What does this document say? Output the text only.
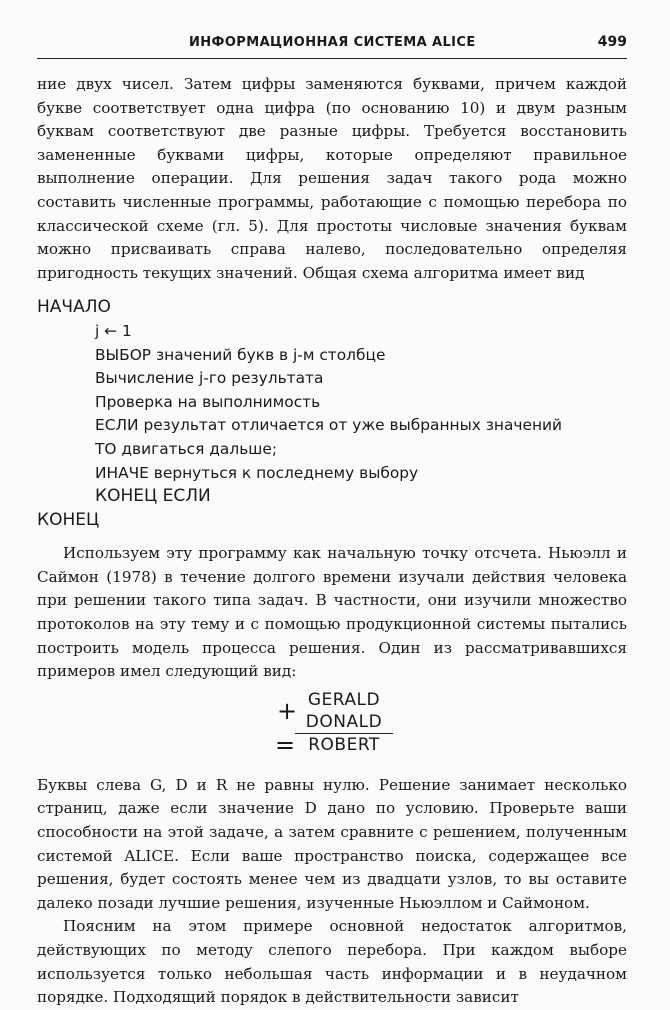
ИНФОРМАЦИОННАЯ СИСТЕМА ALICE	499

ние двух чисел. Затем цифры заменяются буквами, причем каждой букве соответствует одна цифра (по основанию 10) и двум разным буквам соответствуют две разные цифры. Требуется восстановить замененные буквами цифры, которые определяют правильное выполнение операции. Для решения задач такого рода можно составить численные программы, работающие с помощью перебора по классической схеме (гл. 5). Для простоты числовые значения буквам можно присваивать справа налево, последовательно определяя пригодность текущих значений. Общая схема алгоритма имеет вид

НАЧАЛО
j ← 1
ВЫБОР значений букв в j-м столбце
Вычисление j-го результата
Проверка на выполнимость
ЕСЛИ результат отличается от уже выбранных значений
ТО двигаться дальше;
ИНАЧЕ вернуться к последнему выбору
КОНЕЦ ЕСЛИ
КОНЕЦ

Используем эту программу как начальную точку отсчета. Ньюэлл и Саймон (1978) в течение долгого времени изучали действия человека при решении такого типа задач. В частности, они изучили множество протоколов на эту тему и с помощью продукционной системы пытались построить модель процесса решения. Один из рассматривавшихся примеров имел следующий вид:

+ GERALD
DONALD
= ROBERT

Буквы слева G, D и R не равны нулю. Решение занимает несколько страниц, даже если значение D дано по условию. Проверьте ваши способности на этой задаче, а затем сравните с решением, полученным системой ALICE. Если ваше пространство поиска, содержащее все решения, будет состоять менее чем из двадцати узлов, то вы оставите далеко позади лучшие решения, изученные Ньюэллом и Саймоном.

Поясним на этом примере основной недостаток алгоритмов, действующих по методу слепого перебора. При каждом выборе используется только небольшая часть информации и в неудачном порядке. Подходящий порядок в действительности зависит
